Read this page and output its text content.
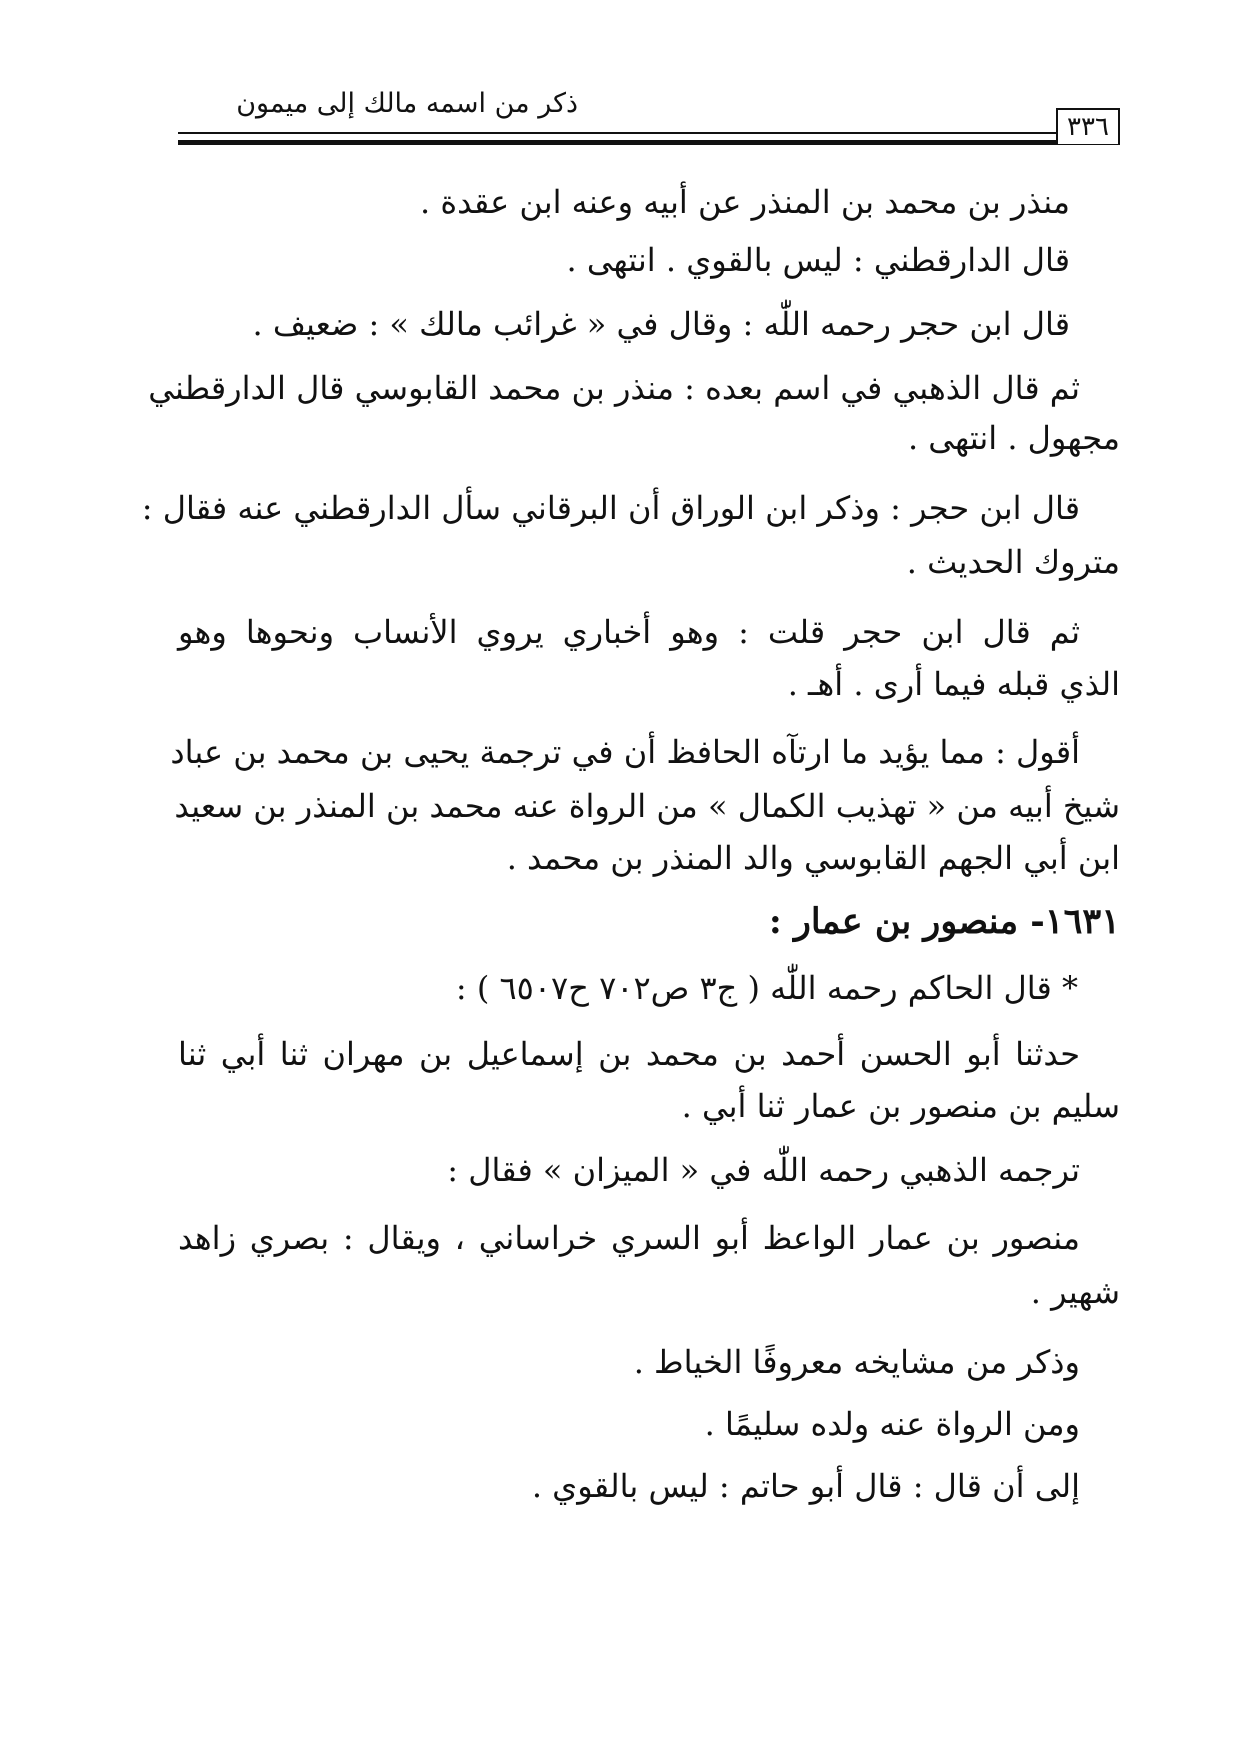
ذكر من اسمه مالك إلى ميمون
٣٣٦
منذر بن محمد بن المنذر عن أبيه وعنه ابن عقدة .
قال الدارقطني : ليس بالقوي . انتهى .
قال ابن حجر رحمه اللّٰه : وقال في « غرائب مالك » : ضعيف .
ثم قال الذهبي في اسم بعده : منذر بن محمد القابوسي قال الدارقطني
مجهول . انتهى .
قال ابن حجر : وذكر ابن الوراق أن البرقاني سأل الدارقطني عنه فقال :
متروك الحديث .
ثم قال ابن حجر قلت : وهو أخباري يروي الأنساب ونحوها وهو
الذي قبله فيما أرى . أهـ .
أقول : مما يؤيد ما ارتآه الحافظ أن في ترجمة يحيى بن محمد بن عباد
شيخ أبيه من « تهذيب الكمال » من الرواة عنه محمد بن المنذر بن سعيد
ابن أبي الجهم القابوسي والد المنذر بن محمد .
١٦٣١- منصور بن عمار :
* قال الحاكم رحمه اللّٰه ( ج٣ ص٧٠٢ ح٦٥٠٧ ) :
حدثنا أبو الحسن أحمد بن محمد بن إسماعيل بن مهران ثنا أبي ثنا
سليم بن منصور بن عمار ثنا أبي .
ترجمه الذهبي رحمه اللّٰه في « الميزان » فقال :
منصور بن عمار الواعظ أبو السري خراساني ، ويقال : بصري زاهد
شهير .
وذكر من مشايخه معروفًا الخياط .
ومن الرواة عنه ولده سليمًا .
إلى أن قال : قال أبو حاتم : ليس بالقوي .
